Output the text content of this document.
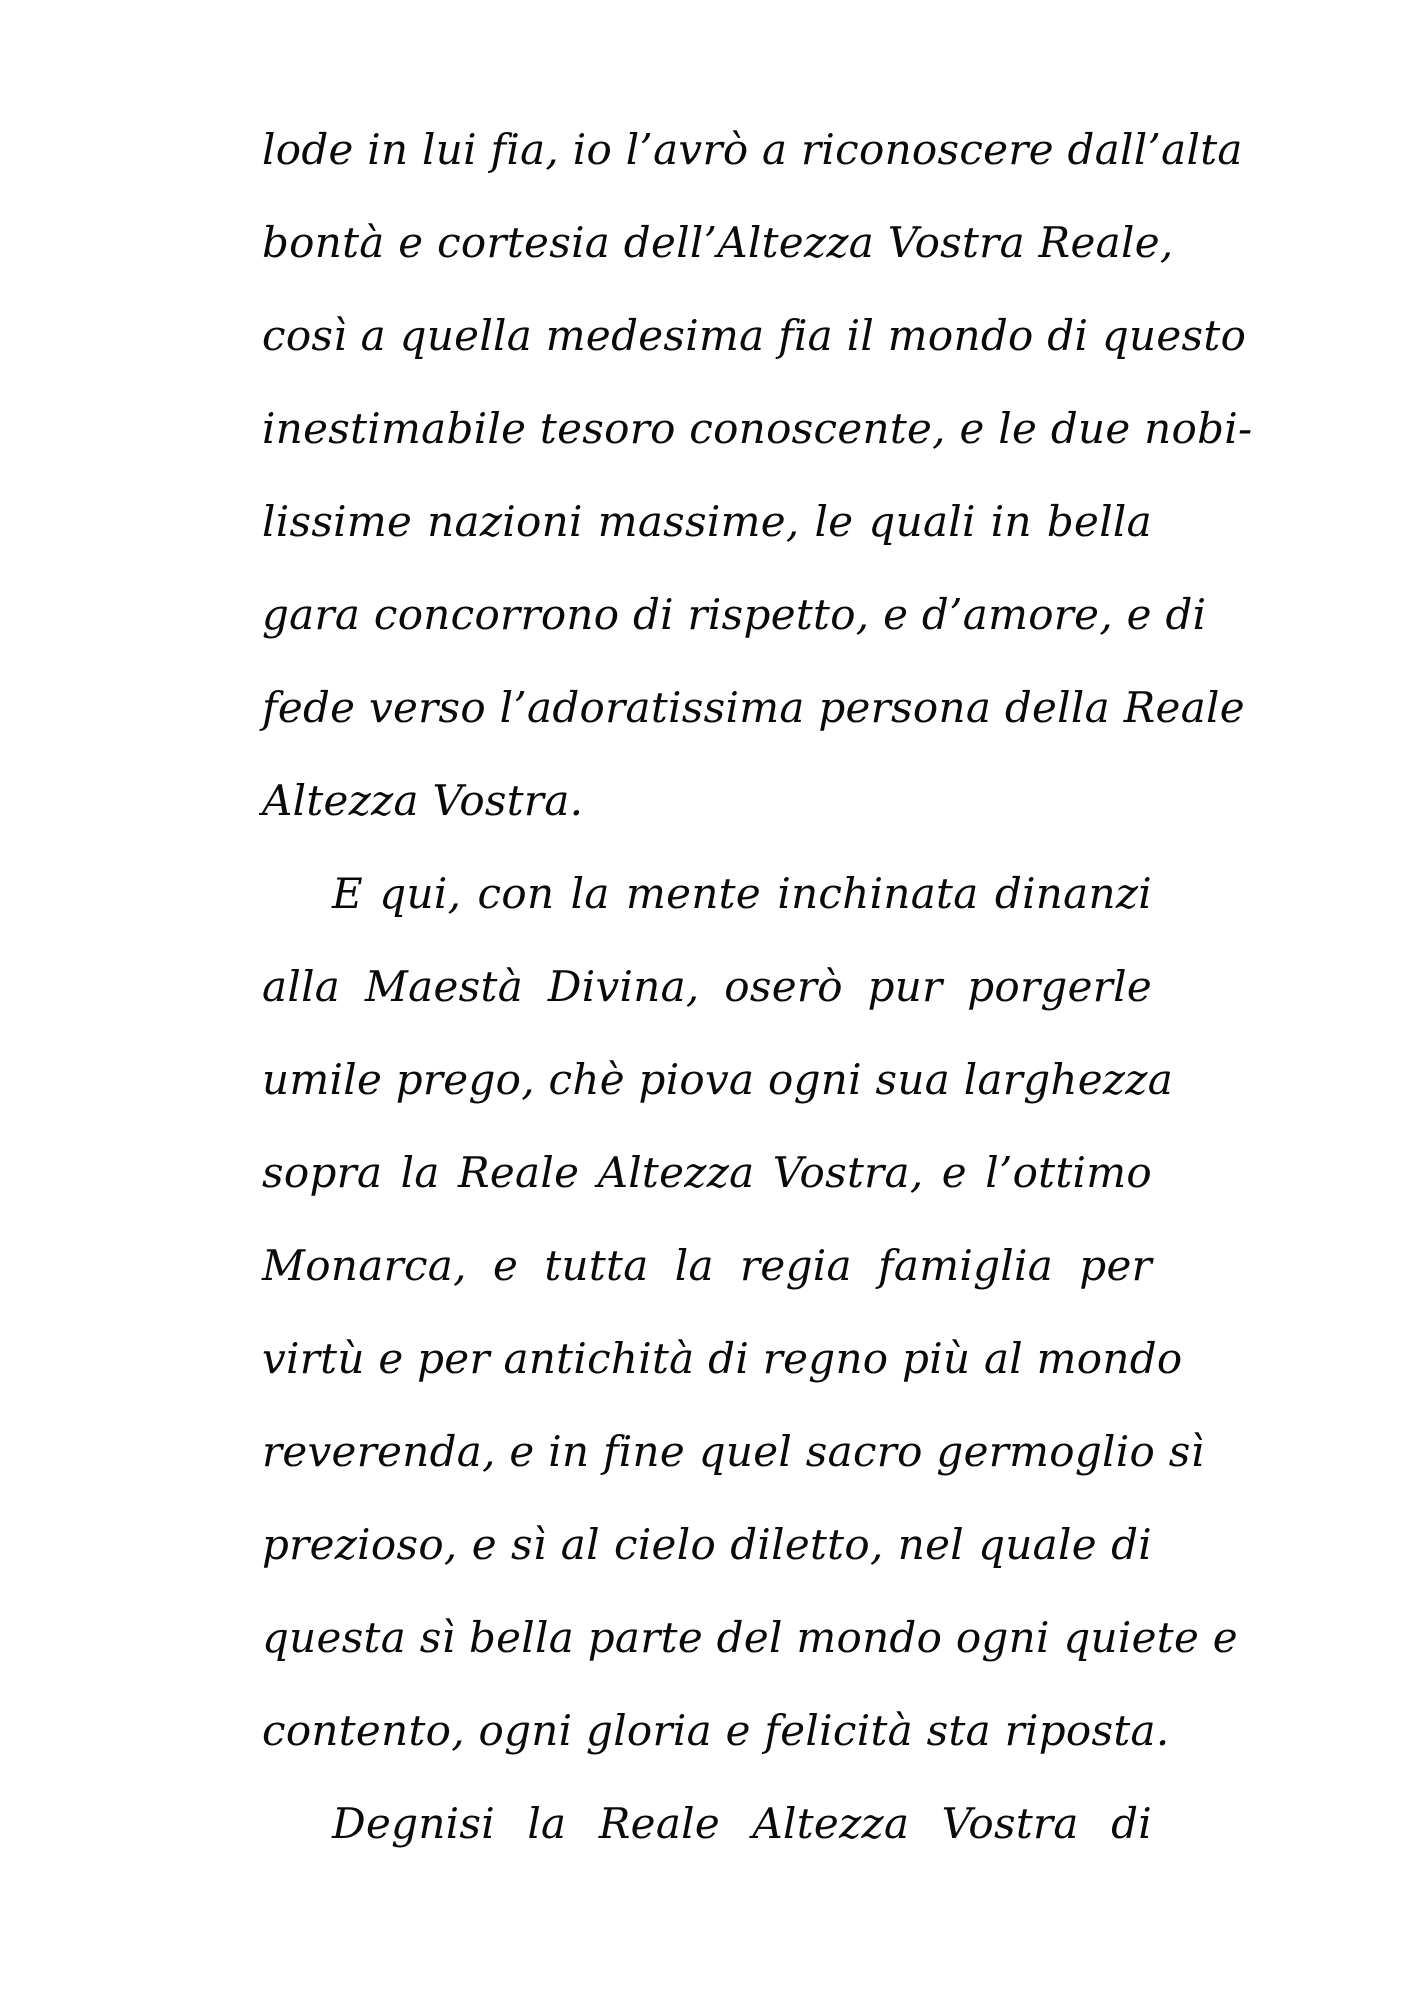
lode in lui fia, io l’avrò a riconoscere dall’alta
bontà e cortesia dell’Altezza Vostra Reale,
così a quella medesima fia il mondo di questo
inestimabile tesoro conoscente, e le due nobi-
lissime nazioni massime, le quali in bella
gara concorrono di rispetto, e d’amore, e di
fede verso l’adoratissima persona della Reale
Altezza Vostra.
E qui, con la mente inchinata dinanzi
alla Maestà Divina, oserò pur porgerle
umile prego, chè piova ogni sua larghezza
sopra la Reale Altezza Vostra, e l’ottimo
Monarca, e tutta la regia famiglia per
virtù e per antichità di regno più al mondo
reverenda, e in fine quel sacro germoglio sì
prezioso, e sì al cielo diletto, nel quale di
questa sì bella parte del mondo ogni quiete e
contento, ogni gloria e felicità sta riposta.
Degnisi la Reale Altezza Vostra di
